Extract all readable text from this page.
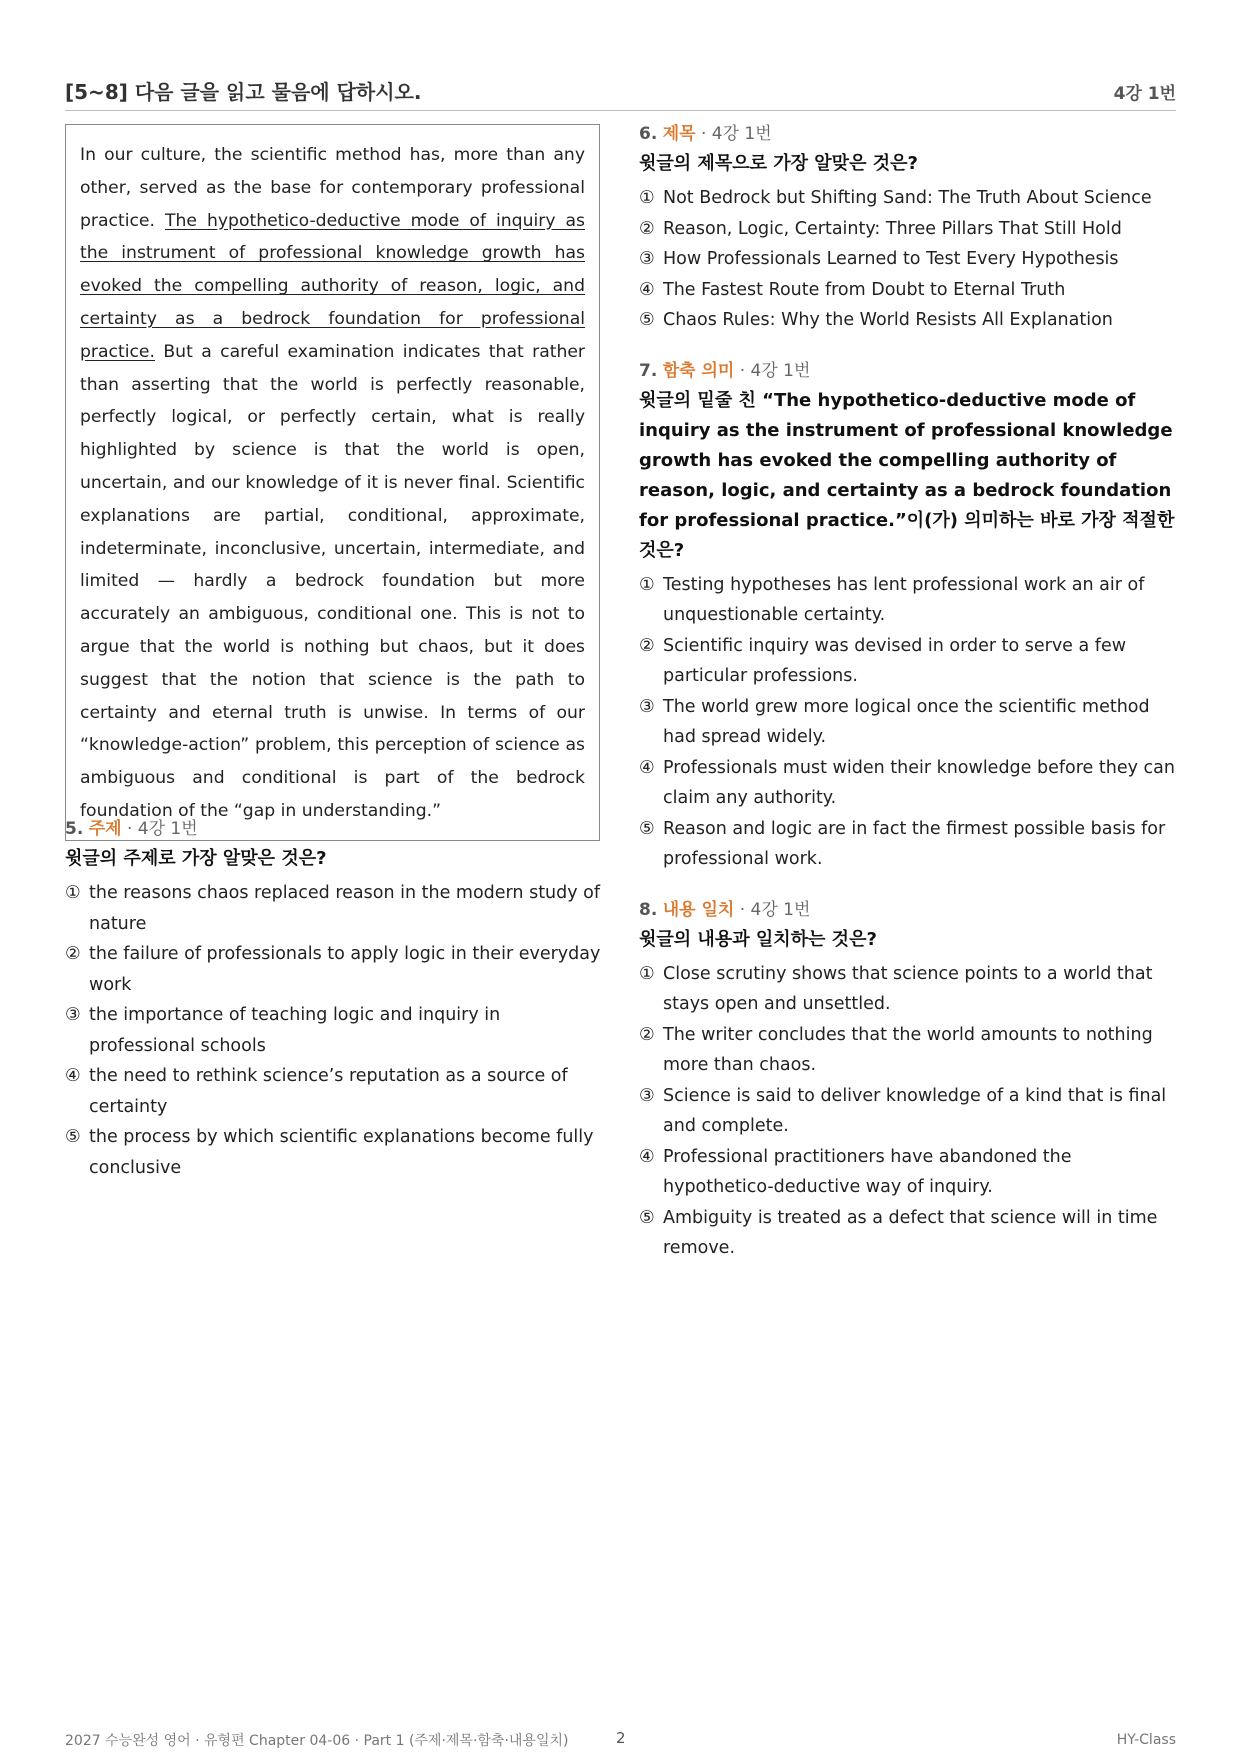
[5~8] 다음 글을 읽고 물음에 답하시오.	4강 1번
In our culture, the scientific method has, more than any other, served as the base for contemporary professional practice. The hypothetico-deductive mode of inquiry as the instrument of professional knowledge growth has evoked the compelling authority of reason, logic, and certainty as a bedrock foundation for professional practice. But a careful examination indicates that rather than asserting that the world is perfectly reasonable, perfectly logical, or perfectly certain, what is really highlighted by science is that the world is open, uncertain, and our knowledge of it is never final. Scientific explanations are partial, conditional, approximate, indeterminate, inconclusive, uncertain, intermediate, and limited — hardly a bedrock foundation but more accurately an ambiguous, conditional one. This is not to argue that the world is nothing but chaos, but it does suggest that the notion that science is the path to certainty and eternal truth is unwise. In terms of our “knowledge-action” problem, this perception of science as ambiguous and conditional is part of the bedrock foundation of the “gap in understanding.”
5. 주제 · 4강 1번
윗글의 주제로 가장 알맞은 것은?
① the reasons chaos replaced reason in the modern study of nature
② the failure of professionals to apply logic in their everyday work
③ the importance of teaching logic and inquiry in professional schools
④ the need to rethink science’s reputation as a source of certainty
⑤ the process by which scientific explanations become fully conclusive
6. 제목 · 4강 1번
윗글의 제목으로 가장 알맞은 것은?
① Not Bedrock but Shifting Sand: The Truth About Science
② Reason, Logic, Certainty: Three Pillars That Still Hold
③ How Professionals Learned to Test Every Hypothesis
④ The Fastest Route from Doubt to Eternal Truth
⑤ Chaos Rules: Why the World Resists All Explanation
7. 함축 의미 · 4강 1번
윗글의 밑줄 친 “The hypothetico-deductive mode of inquiry as the instrument of professional knowledge growth has evoked the compelling authority of reason, logic, and certainty as a bedrock foundation for professional practice.”이(가) 의미하는 바로 가장 적절한 것은?
① Testing hypotheses has lent professional work an air of unquestionable certainty.
② Scientific inquiry was devised in order to serve a few particular professions.
③ The world grew more logical once the scientific method had spread widely.
④ Professionals must widen their knowledge before they can claim any authority.
⑤ Reason and logic are in fact the firmest possible basis for professional work.
8. 내용 일치 · 4강 1번
윗글의 내용과 일치하는 것은?
① Close scrutiny shows that science points to a world that stays open and unsettled.
② The writer concludes that the world amounts to nothing more than chaos.
③ Science is said to deliver knowledge of a kind that is final and complete.
④ Professional practitioners have abandoned the hypothetico-deductive way of inquiry.
⑤ Ambiguity is treated as a defect that science will in time remove.
2027 수능완성 영어 · 유형편 Chapter 04-06 · Part 1 (주제·제목·함축·내용일치)	2	HY-Class
